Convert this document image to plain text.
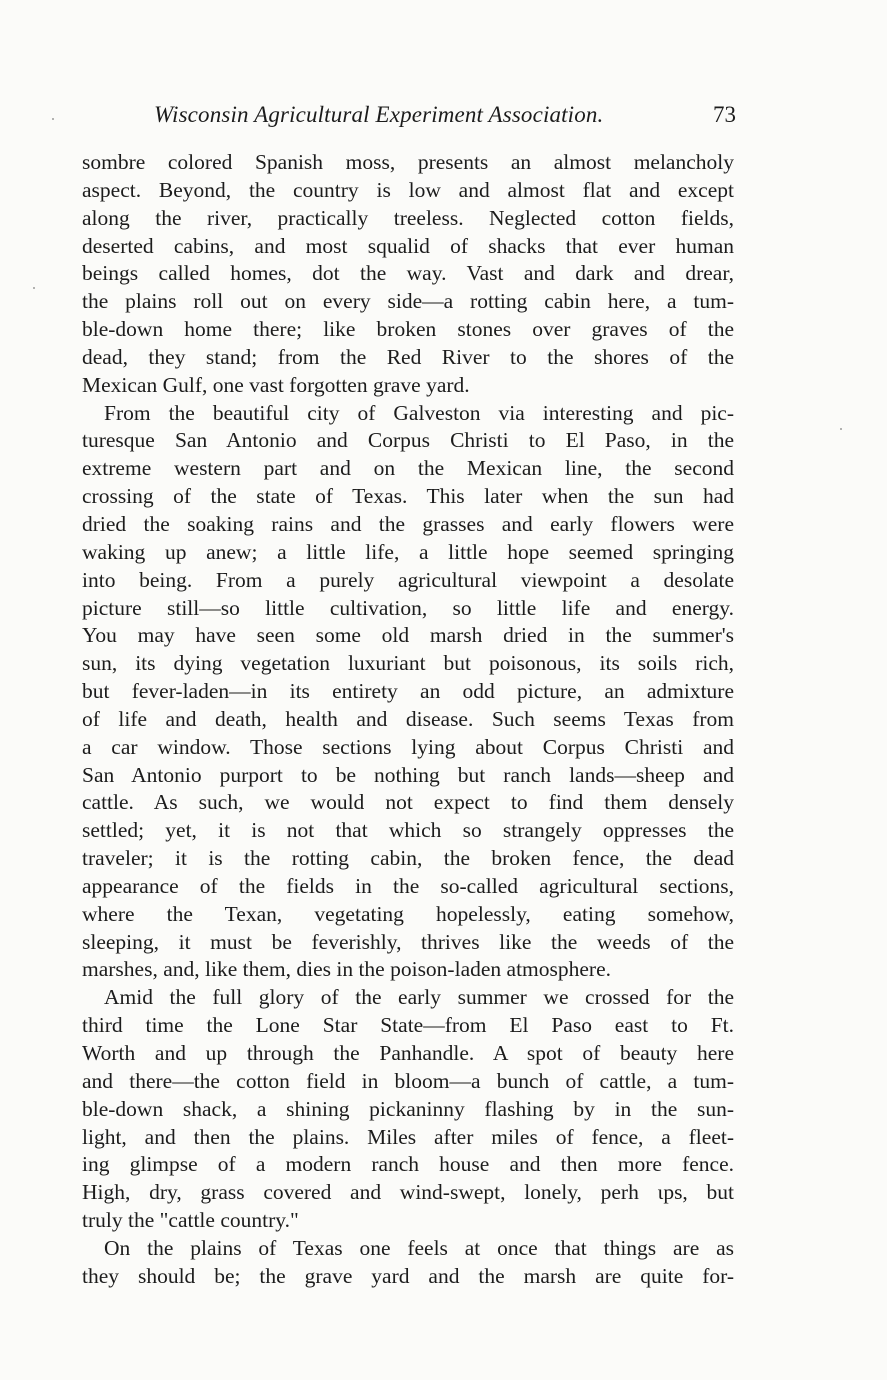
Wisconsin Agricultural Experiment Association.	73
sombre colored Spanish moss, presents an almost melancholy
aspect. Beyond, the country is low and almost flat and except
along the river, practically treeless. Neglected cotton fields,
deserted cabins, and most squalid of shacks that ever human
beings called homes, dot the way. Vast and dark and drear,
the plains roll out on every side—a rotting cabin here, a tum-
ble-down home there; like broken stones over graves of the
dead, they stand; from the Red River to the shores of the
Mexican Gulf, one vast forgotten grave yard.
From the beautiful city of Galveston via interesting and pic-
turesque San Antonio and Corpus Christi to El Paso, in the
extreme western part and on the Mexican line, the second
crossing of the state of Texas. This later when the sun had
dried the soaking rains and the grasses and early flowers were
waking up anew; a little life, a little hope seemed springing
into being. From a purely agricultural viewpoint a desolate
picture still—so little cultivation, so little life and energy.
You may have seen some old marsh dried in the summer's
sun, its dying vegetation luxuriant but poisonous, its soils rich,
but fever-laden—in its entirety an odd picture, an admixture
of life and death, health and disease. Such seems Texas from
a car window. Those sections lying about Corpus Christi and
San Antonio purport to be nothing but ranch lands—sheep and
cattle. As such, we would not expect to find them densely
settled; yet, it is not that which so strangely oppresses the
traveler; it is the rotting cabin, the broken fence, the dead
appearance of the fields in the so-called agricultural sections,
where the Texan, vegetating hopelessly, eating somehow,
sleeping, it must be feverishly, thrives like the weeds of the
marshes, and, like them, dies in the poison-laden atmosphere.
Amid the full glory of the early summer we crossed for the
third time the Lone Star State—from El Paso east to Ft.
Worth and up through the Panhandle. A spot of beauty here
and there—the cotton field in bloom—a bunch of cattle, a tum-
ble-down shack, a shining pickaninny flashing by in the sun-
light, and then the plains. Miles after miles of fence, a fleet-
ing glimpse of a modern ranch house and then more fence.
High, dry, grass covered and wind-swept, lonely, perh ιps, but
truly the "cattle country."
On the plains of Texas one feels at once that things are as
they should be; the grave yard and the marsh are quite for-
